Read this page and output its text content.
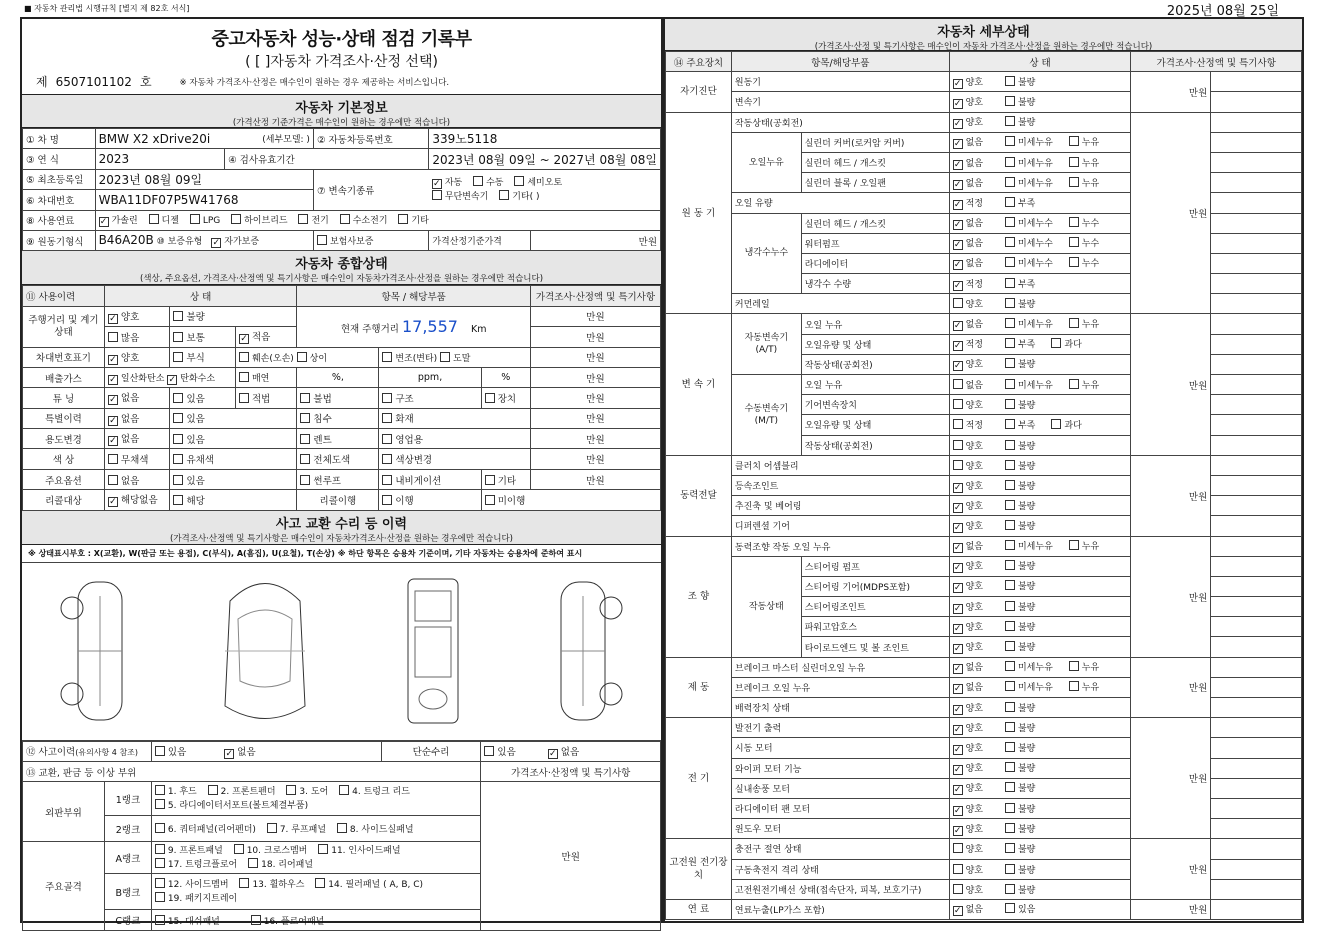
■ 자동차 관리법 시행규칙 [별지 제 82호 서식]	2025년 08월 25일
중고자동차 성능·상태 점검 기록부
( [ ]자동차 가격조사·산정 선택)
제 6507101102 호	※ 자동차 가격조사·산정은 매수인이 원하는 경우 제공하는 서비스입니다.
자동차 기본정보
(가격산정 기준가격은 매수인이 원하는 경우에만 적습니다)
① 차 명	BMW X2 xDrive20i (세부모델: )		② 자동차등록번호	339노5118	
③ 연 식	2023	④ 검사유효기간		2023년 08월 09일 ~ 2027년 08월 08일	
⑤ 최초등록일	2023년 08월 09일		⑦ 변속기종류	✓ 자동 수동 세미오토
무단변속기 기타( )	
⑥ 차대번호	WBA11DF07P5W41768				
⑧ 사용연료	✓ 가솔린 디젤 LPG 하이브리드 전기 수소전기 기타				
⑨ 원동기형식	B46A20B ⑩ 보증유형 ✓ 자가보증		보험사보증	가격산정기준가격	만원
자동차 종합상태
(색상, 주요옵션, 가격조사·산정액 및 특기사항은 매수인이 자동차가격조사·산정을 원하는 경우에만 적습니다)
⑪ 사용이력	상 태			항목 / 해당부품			가격조사·산정액 및 특기사항
주행거리 및 계기상태	✓ 양호	불량		현재 주행거리 17,557 Km			만원
	많음	보통	✓ 적음				만원
차대번호표기	✓ 양호	부식	훼손(오손) 상이		변조(변타) 도말		만원
배출가스	✓ 일산화탄소 ✓ 탄화수소		매연	%,	ppm,	%	만원
튜 닝	✓ 없음	있음	적법	불법	구조	장치	만원
특별이력	✓ 없음	있음		침수	화재		만원
용도변경	✓ 없음	있음		렌트	영업용		만원
색 상	무채색	유채색		전체도색	색상변경		만원
주요옵션	없음	있음		썬루프	내비게이션	기타	만원
리콜대상	✓ 해당없음	해당		리콜이행	이행	미이행	
사고 교환 수리 등 이력
(가격조사·산정액 및 특기사항은 매수인이 자동차가격조사·산정을 원하는 경우에만 적습니다)
※ 상태표시부호 : X(교환), W(판금 또는 용접), C(부식), A(흠집), U(요철), T(손상) ※ 하단 항목은 승용차 기준이며, 기타 자동차는 승용차에 준하여 표시
⑫ 사고이력(유의사항 4 참조)		있음 ✓ 없음	단순수리	있음 ✓ 없음
⑬ 교환, 판금 등 이상 부위				가격조사·산정액 및 특기사항
외판부위	1랭크	1. 후드 2. 프론트펜더 3. 도어 4. 트렁크 리드 5. 라디에이터서포트(볼트체결부품)		만원
	2랭크	6. 쿼터패널(리어펜더) 7. 루프패널 8. 사이드실패널		
주요골격	A랭크	9. 프론트패널 10. 크로스멤버 11. 인사이드패널 17. 트렁크플로어 18. 리어패널		
	B랭크	12. 사이드멤버 13. 휠하우스 14. 필러패널 ( A, B, C) 19. 패키지트레이		
	C랭크	15. 대쉬패널 16. 플로어패널		
자동차 세부상태
(가격조사·산정 및 특기사항은 매수인이 자동차 가격조사·산정을 원하는 경우에만 적습니다)
⑭ 주요장치	항목/해당부품		상 태	가격조사·산정액 및 특기사항	
자기진단	원동기		✓ 양호 불량	만원	
	변속기		✓ 양호 불량		
원 동 기	작동상태(공회전)		✓ 양호 불량	만원	
	오일누유	실린더 커버(로커암 커버)	✓ 없음 미세누유 누유		
		실린더 헤드 / 개스킷	✓ 없음 미세누유 누유		
		실린더 블록 / 오일팬	✓ 없음 미세누유 누유		
	오일 유량		✓ 적정 부족		
	냉각수누수	실린더 헤드 / 개스킷	✓ 없음 미세누수 누수		
		워터펌프	✓ 없음 미세누수 누수		
		라디에이터	✓ 없음 미세누수 누수		
		냉각수 수량	✓ 적정 부족		
	커먼레일		양호 불량		
변 속 기	자동변속기 (A/T)	오일 누유	✓ 없음 미세누유 누유	만원	
		오일유량 및 상태	✓ 적정 부족 과다		
		작동상태(공회전)	✓ 양호 불량		
	수동변속기 (M/T)	오일 누유	없음 미세누유 누유		
		기어변속장치	양호 불량		
		오일유량 및 상태	적정 부족 과다		
		작동상태(공회전)	양호 불량		
동력전달	클러치 어셈블리		양호 불량	만원	
	등속조인트		✓ 양호 불량		
	추진축 및 베어링		✓ 양호 불량		
	디퍼렌셜 기어		✓ 양호 불량		
조 향	동력조향 작동 오일 누유		✓ 없음 미세누유 누유	만원	
	작동상태	스티어링 펌프	✓ 양호 불량		
		스티어링 기어(MDPS포함)	✓ 양호 불량		
		스티어링조인트	✓ 양호 불량		
		파워고압호스	✓ 양호 불량		
		타이로드엔드 및 볼 조인트	✓ 양호 불량		
제 동	브레이크 마스터 실린더오일 누유		✓ 없음 미세누유 누유	만원	
	브레이크 오일 누유		✓ 없음 미세누유 누유		
	배력장치 상태		✓ 양호 불량		
전 기	발전기 출력		✓ 양호 불량	만원	
	시동 모터		✓ 양호 불량		
	와이퍼 모터 기능		✓ 양호 불량		
	실내송풍 모터		✓ 양호 불량		
	라디에이터 팬 모터		✓ 양호 불량		
	윈도우 모터		✓ 양호 불량		
고전원 전기장치	충전구 절연 상태		양호 불량	만원	
	구동축전지 격리 상태		양호 불량		
	고전원전기배선 상태(접속단자, 피복, 보호기구)		양호 불량		
연 료	연료누출(LP가스 포함)		✓ 없음 있음	만원	
